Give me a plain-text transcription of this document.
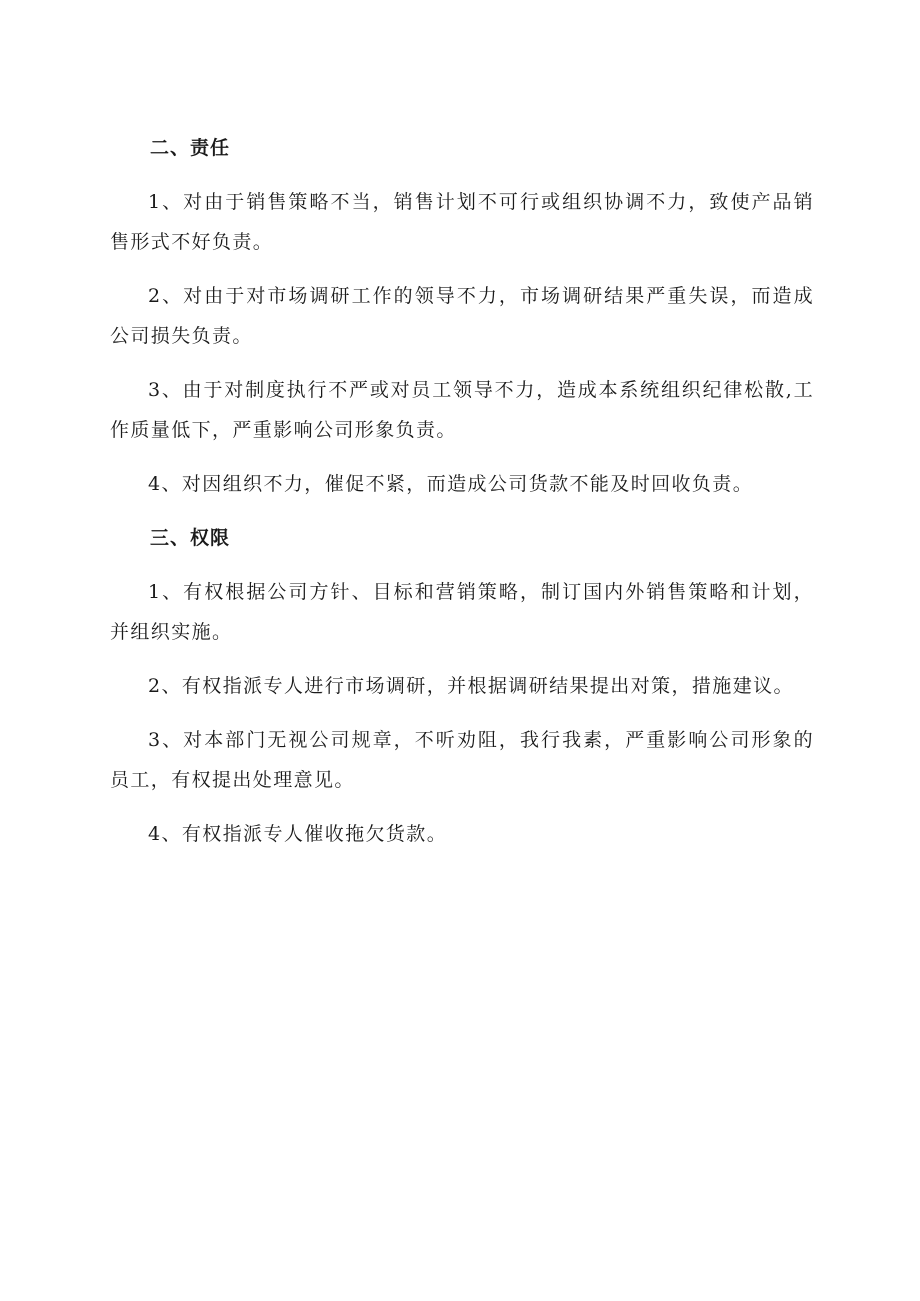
二、责任

1、对由于销售策略不当，销售计划不可行或组织协调不力，致使产品销售形式不好负责。

2、对由于对市场调研工作的领导不力，市场调研结果严重失误，而造成公司损失负责。

3、由于对制度执行不严或对员工领导不力，造成本系统组织纪律松散,工作质量低下，严重影响公司形象负责。

4、对因组织不力，催促不紧，而造成公司货款不能及时回收负责。

三、权限

1、有权根据公司方针、目标和营销策略，制订国内外销售策略和计划，并组织实施。

2、有权指派专人进行市场调研，并根据调研结果提出对策，措施建议。

3、对本部门无视公司规章，不听劝阻，我行我素，严重影响公司形象的员工，有权提出处理意见。

4、有权指派专人催收拖欠货款。
